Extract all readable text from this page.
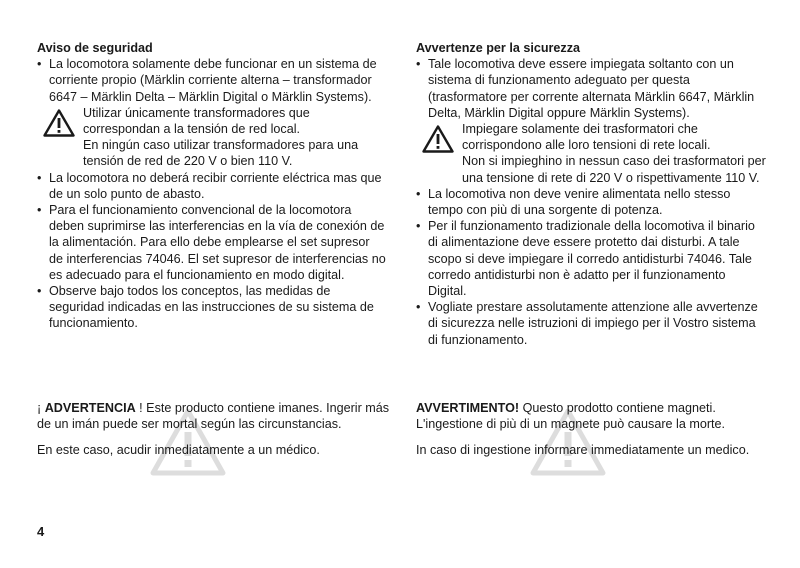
Aviso de seguridad

• La locomotora solamente debe funcionar en un sistema de corriente propio (Märklin corriente alterna – transformador 6647 – Märklin Delta – Märklin Digital o Märklin Systems).

Utilizar únicamente transformadores que correspondan a la tensión de red local.

En ningún caso utilizar transformadores para una tensión de red de 220 V o bien 110 V.

• La locomotora no deberá recibir corriente eléctrica mas que de un solo punto de abasto.
• Para el funcionamiento convencional de la locomotora deben suprimirse las interferencias en la vía de conexión de la alimentación. Para ello debe emplearse el set supresor de interferencias 74046. El set supresor de interferencias no es adecuado para el funcionamiento en modo digital.
• Observe bajo todos los conceptos, las medidas de seguridad indicadas en las instrucciones de su sistema de funcionamiento.

Avvertenze per la sicurezza

• Tale locomotiva deve essere impiegata soltanto con un sistema di funzionamento adeguato per questa (trasformatore per corrente alternata Märklin 6647, Märklin Delta, Märklin Digital oppure Märklin Systems).

Impiegare solamente dei trasformatori che corrispondono alle loro tensioni di rete locali.

Non si impieghino in nessun caso dei trasformatori per una tensione di rete di 220 V o rispettivamente 110 V.

• La locomotiva non deve venire alimentata nello stesso tempo con più di una sorgente di potenza.
• Per il funzionamento tradizionale della locomotiva il binario di alimentazione deve essere protetto dai disturbi. A tale scopo si deve impiegare il corredo antidisturbi 74046. Tale corredo antidisturbi non è adatto per il funzionamento Digital.
• Vogliate prestare assolutamente attenzione alle avvertenze di sicurezza nelle istruzioni di impiego per il Vostro sistema di funzionamento.

¡ ADVERTENCIA ! Este producto contiene imanes. Ingerir más de un imán puede ser mortal según las circunstancias.

En este caso, acudir inmediatamente a un médico.

AVVERTIMENTO! Questo prodotto contiene magneti. L'ingestione di più di un magnete può causare la morte.

In caso di ingestione informare immediatamente un medico.

4
